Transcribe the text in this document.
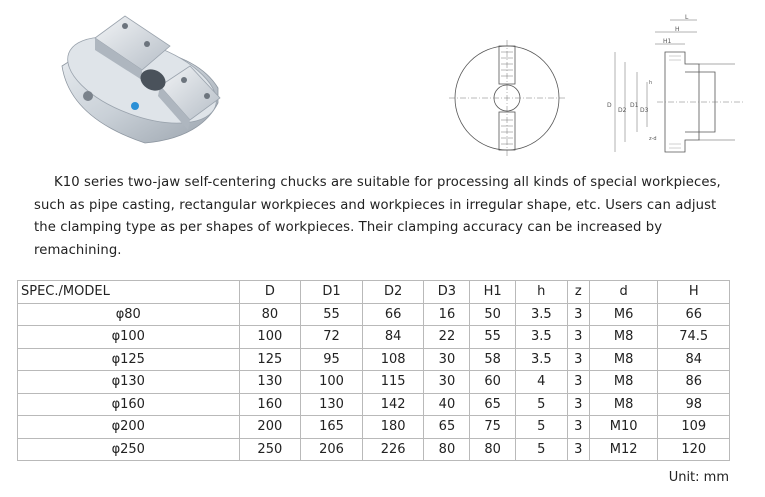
L
H
H1
D
D2
D1
D3
h
z-d

K10 series two-jaw self-centering chucks are suitable for processing all kinds of special workpieces, such as pipe casting, rectangular workpieces and workpieces in irregular shape, etc. Users can adjust the clamping type as per shapes of workpieces. Their clamping accuracy can be increased by remachining.

SPEC./MODEL	D	D1	D2	D3	H1	h	z	d	H
φ80	80	55	66	16	50	3.5	3	M6	66
φ100	100	72	84	22	55	3.5	3	M8	74.5
φ125	125	95	108	30	58	3.5	3	M8	84
φ130	130	100	115	30	60	4	3	M8	86
φ160	160	130	142	40	65	5	3	M8	98
φ200	200	165	180	65	75	5	3	M10	109
φ250	250	206	226	80	80	5	3	M12	120
Unit: mm
